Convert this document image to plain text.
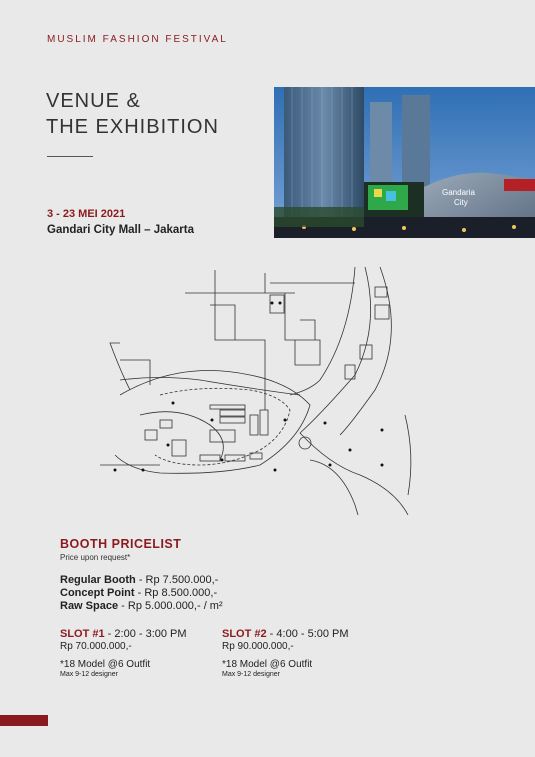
MUSLIM FASHION FESTIVAL
VENUE &
THE EXHIBITION
3 - 23 MEI 2021
Gandari City Mall – Jakarta
Gandaria
City
BOOTH PRICELIST
Price upon request*
Regular Booth - Rp 7.500.000,-
Concept Point - Rp 8.500.000,-
Raw Space - Rp 5.000.000,- / m²
SLOT #1 - 2:00 - 3:00 PM
Rp 70.000.000,-
*18 Model @6 Outfit
Max 9-12 designer
SLOT #2 - 4:00 - 5:00 PM
Rp 90.000.000,-
*18 Model @6 Outfit
Max 9-12 designer
